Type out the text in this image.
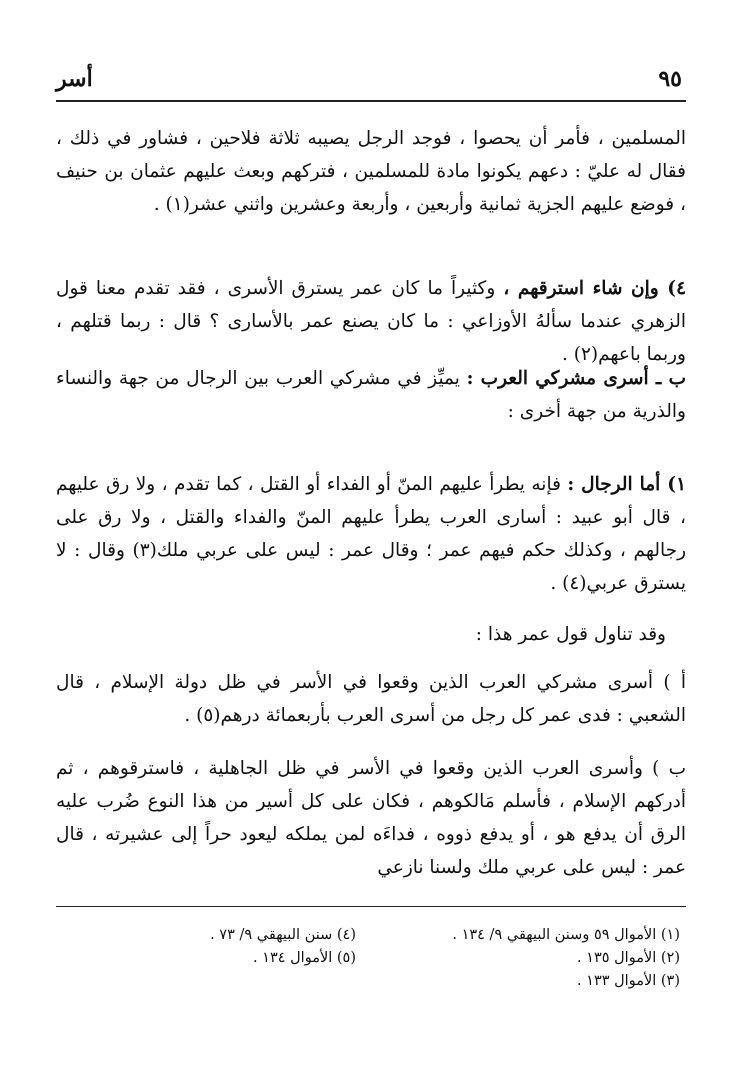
أسر	٩٥
المسلمين ، فأمر أن يحصوا ، فوجد الرجل يصيبه ثلاثة فلاحين ، فشاور في ذلك ، فقال له عليّ : دعهم يكونوا مادة للمسلمين ، فتركهم وبعث عليهم عثمان بن حنيف ، فوضع عليهم الجزية ثمانية وأربعين ، وأربعة وعشرين واثني عشر(١) .
٤) وإن شاء استرقهم ، وكثيراً ما كان عمر يسترق الأسرى ، فقد تقدم معنا قول الزهري عندما سألهُ الأوزاعي : ما كان يصنع عمر بالأسارى ؟ قال : ربما قتلهم ، وربما باعهم(٢) .
ب ـ أسرى مشركي العرب : يميِّز في مشركي العرب بين الرجال من جهة والنساء والذرية من جهة أخرى :
١) أما الرجال : فإنه يطرأ عليهم المنّ أو الفداء أو القتل ، كما تقدم ، ولا رق عليهم ، قال أبو عبيد : أسارى العرب يطرأ عليهم المنّ والفداء والقتل ، ولا رق على رجالهم ، وكذلك حكم فيهم عمر ؛ وقال عمر : ليس على عربي ملك(٣) وقال : لا يسترق عربي(٤) .
وقد تناول قول عمر هذا :
أ ) أسرى مشركي العرب الذين وقعوا في الأسر في ظل دولة الإسلام ، قال الشعبي : فدى عمر كل رجل من أسرى العرب بأربعمائة درهم(٥) .
ب ) وأسرى العرب الذين وقعوا في الأسر في ظل الجاهلية ، فاسترقوهم ، ثم أدركهم الإسلام ، فأسلم مَالكوهم ، فكان على كل أسير من هذا النوع ضُرب عليه الرق أن يدفع هو ، أو يدفع ذووه ، فداءَه لمن يملكه ليعود حراً إلى عشيرته ، قال عمر : ليس على عربي ملك ولسنا نازعي
(١) الأموال ٥٩ وسنن البيهقي ٩/ ١٣٤ .
(٢) الأموال ١٣٥ .
(٣) الأموال ١٣٣ .
(٤) سنن البيهقي ٩/ ٧٣ .
(٥) الأموال ١٣٤ .
